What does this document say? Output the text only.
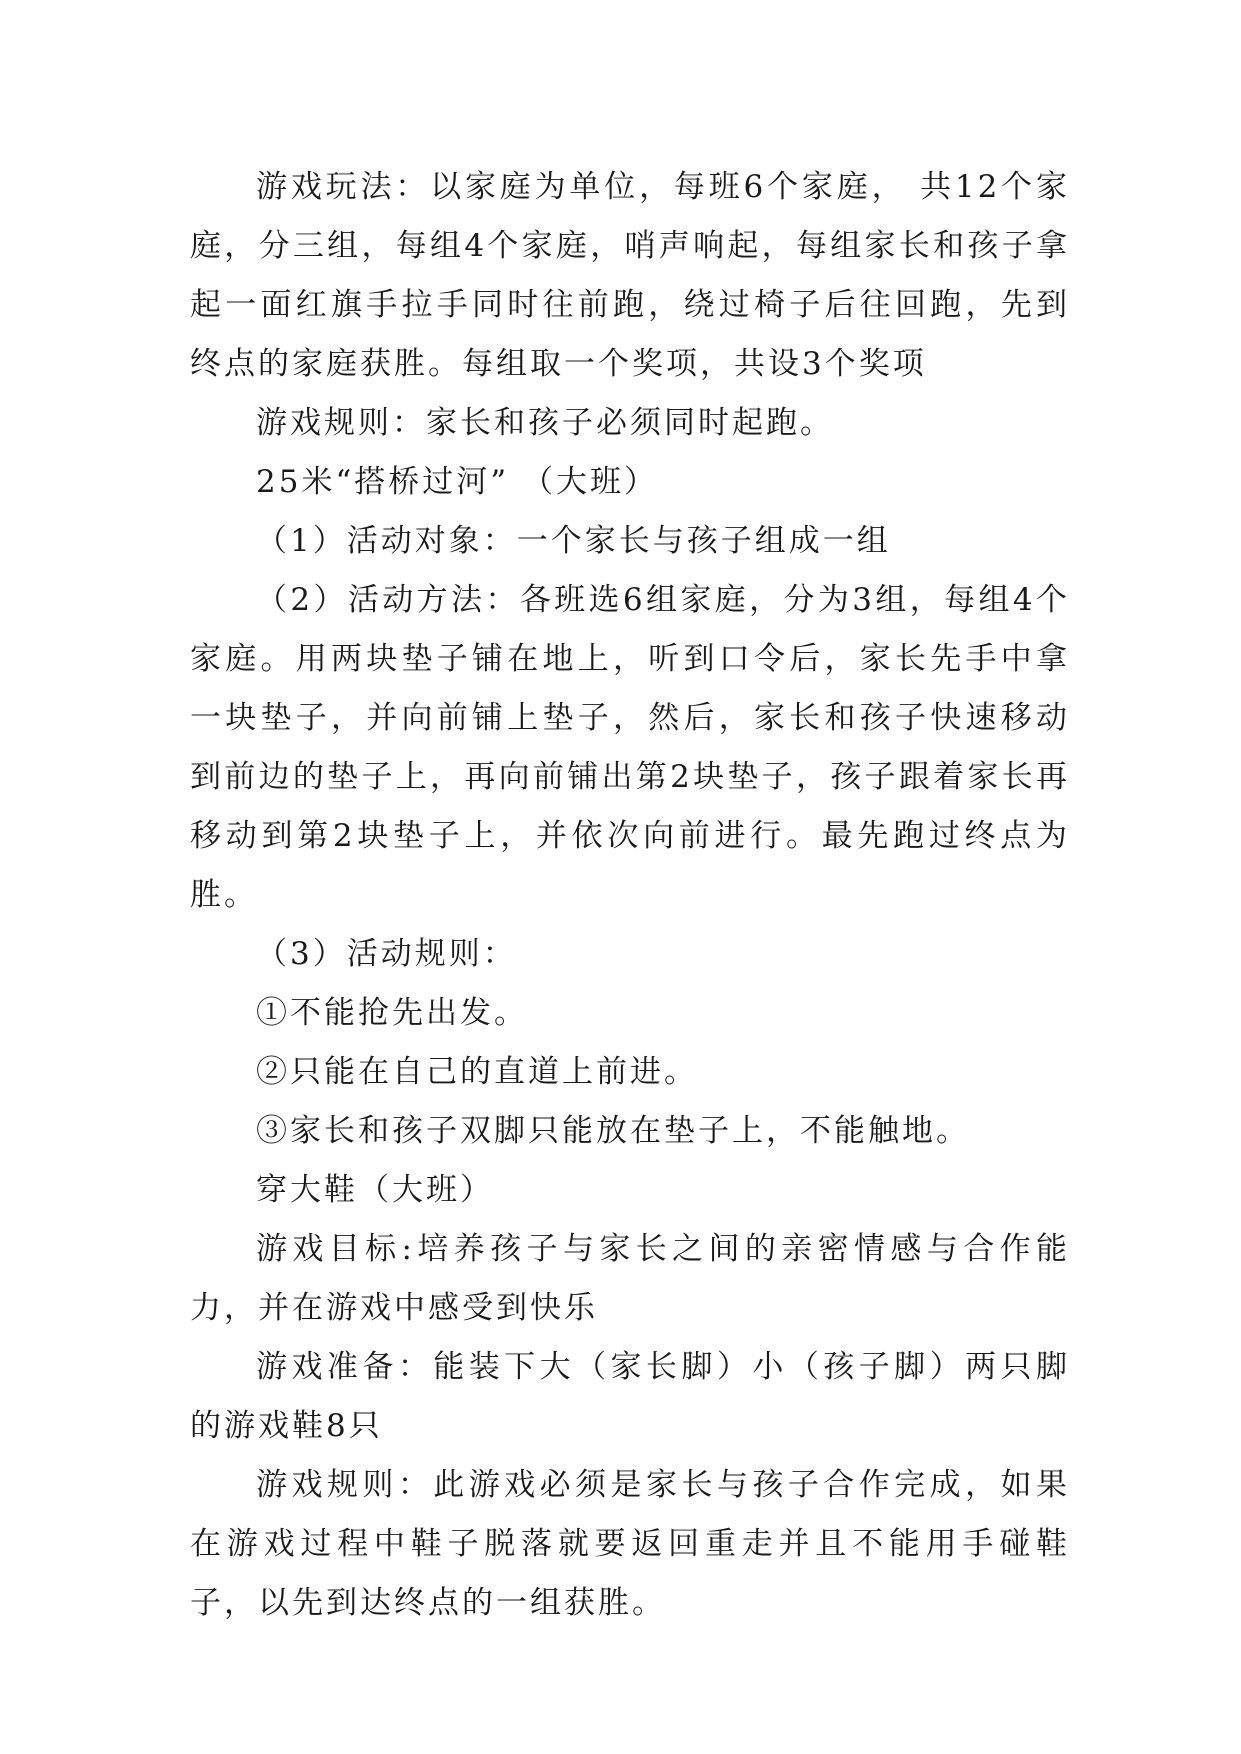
游戏玩法：以家庭为单位，每班6个家庭， 共12个家庭，分三组，每组4个家庭，哨声响起，每组家长和孩子拿起一面红旗手拉手同时往前跑，绕过椅子后往回跑，先到终点的家庭获胜。每组取一个奖项，共设3个奖项

游戏规则：家长和孩子必须同时起跑。

25米“搭桥过河” （大班）

（1）活动对象：一个家长与孩子组成一组

（2）活动方法：各班选6组家庭，分为3组，每组4个家庭。用两块垫子铺在地上，听到口令后，家长先手中拿一块垫子，并向前铺上垫子，然后，家长和孩子快速移动到前边的垫子上，再向前铺出第2块垫子，孩子跟着家长再移动到第2块垫子上，并依次向前进行。最先跑过终点为胜。

（3）活动规则：

①不能抢先出发。

②只能在自己的直道上前进。

③家长和孩子双脚只能放在垫子上，不能触地。

穿大鞋（大班）

游戏目标:培养孩子与家长之间的亲密情感与合作能力，并在游戏中感受到快乐

游戏准备：能装下大（家长脚）小（孩子脚）两只脚的游戏鞋8只

游戏规则：此游戏必须是家长与孩子合作完成，如果在游戏过程中鞋子脱落就要返回重走并且不能用手碰鞋子，以先到达终点的一组获胜。
